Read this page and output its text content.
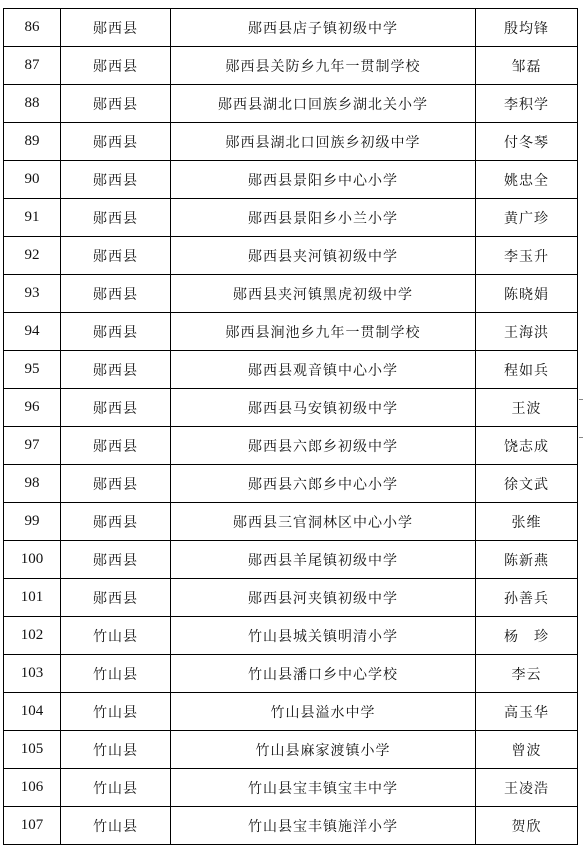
86	郧西县	郧西县店子镇初级中学	殷均锋
87	郧西县	郧西县关防乡九年一贯制学校	邹磊
88	郧西县	郧西县湖北口回族乡湖北关小学	李积学
89	郧西县	郧西县湖北口回族乡初级中学	付冬琴
90	郧西县	郧西县景阳乡中心小学	姚忠全
91	郧西县	郧西县景阳乡小兰小学	黄广珍
92	郧西县	郧西县夹河镇初级中学	李玉升
93	郧西县	郧西县夹河镇黑虎初级中学	陈晓娟
94	郧西县	郧西县涧池乡九年一贯制学校	王海洪
95	郧西县	郧西县观音镇中心小学	程如兵
96	郧西县	郧西县马安镇初级中学	王波
97	郧西县	郧西县六郎乡初级中学	饶志成
98	郧西县	郧西县六郎乡中心小学	徐文武
99	郧西县	郧西县三官洞林区中心小学	张维
100	郧西县	郧西县羊尾镇初级中学	陈新燕
101	郧西县	郧西县河夹镇初级中学	孙善兵
102	竹山县	竹山县城关镇明清小学	杨　珍
103	竹山县	竹山县潘口乡中心学校	李云
104	竹山县	竹山县溢水中学	高玉华
105	竹山县	竹山县麻家渡镇小学	曾波
106	竹山县	竹山县宝丰镇宝丰中学	王凌浩
107	竹山县	竹山县宝丰镇施洋小学	贺欣
